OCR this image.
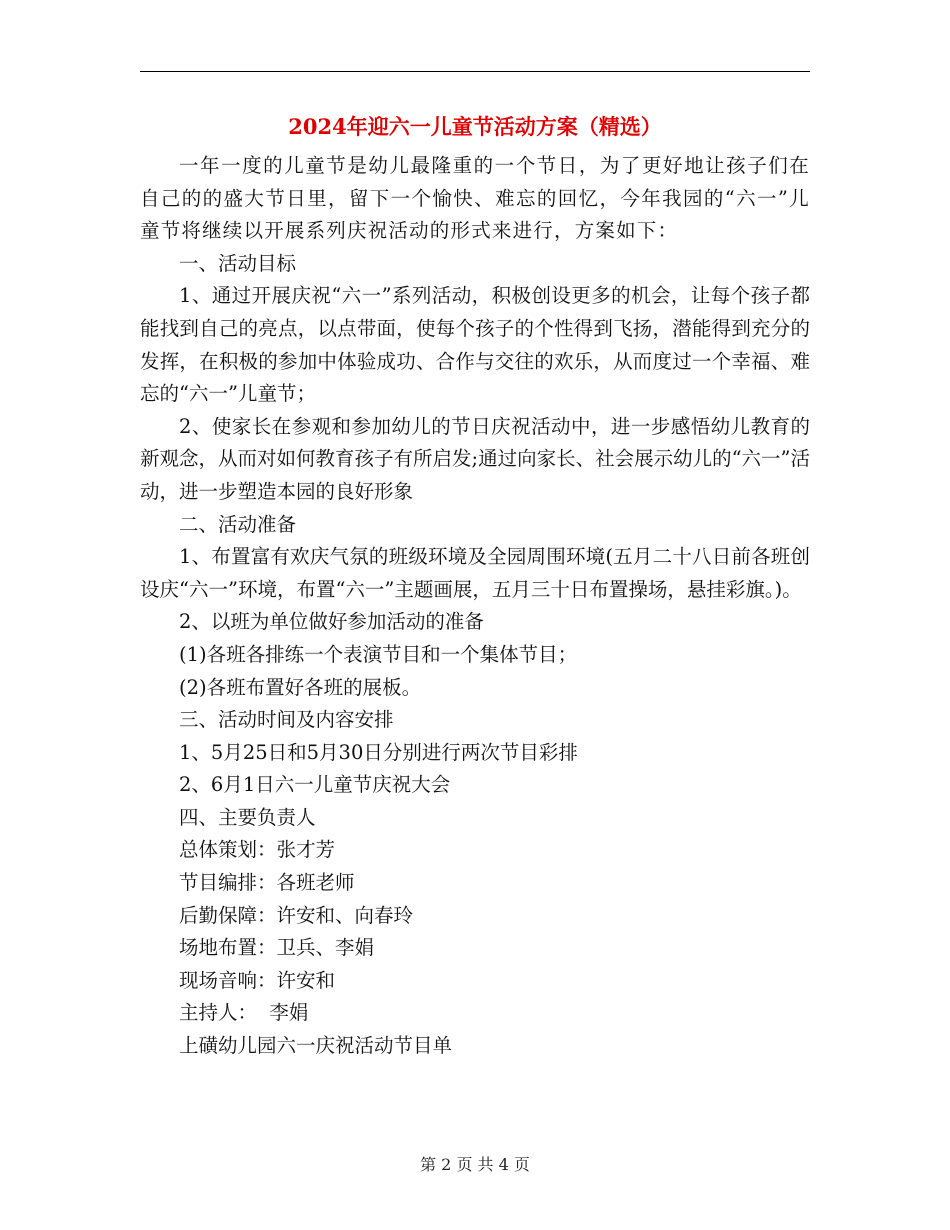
2024年迎六一儿童节活动方案（精选）

一年一度的儿童节是幼儿最隆重的一个节日，为了更好地让孩子们在自己的的盛大节日里，留下一个愉快、难忘的回忆，今年我园的“六一”儿童节将继续以开展系列庆祝活动的形式来进行，方案如下：

一、活动目标

1、通过开展庆祝“六一”系列活动，积极创设更多的机会，让每个孩子都能找到自己的亮点，以点带面，使每个孩子的个性得到飞扬，潜能得到充分的发挥，在积极的参加中体验成功、合作与交往的欢乐，从而度过一个幸福、难忘的“六一”儿童节；

2、使家长在参观和参加幼儿的节日庆祝活动中，进一步感悟幼儿教育的新观念，从而对如何教育孩子有所启发;通过向家长、社会展示幼儿的“六一”活动，进一步塑造本园的良好形象

二、活动准备

1、布置富有欢庆气氛的班级环境及全园周围环境(五月二十八日前各班创设庆“六一”环境，布置“六一”主题画展，五月三十日布置操场，悬挂彩旗。)。

2、以班为单位做好参加活动的准备

(1)各班各排练一个表演节目和一个集体节目；

(2)各班布置好各班的展板。

三、活动时间及内容安排

1、5月25日和5月30日分别进行两次节目彩排

2、6月1日六一儿童节庆祝大会

四、主要负责人

总体策划：张才芳

节目编排：各班老师

后勤保障：许安和、向春玲

场地布置：卫兵、李娟

现场音响：许安和

主持人：  李娟

上磺幼儿园六一庆祝活动节目单

第 2 页 共 4 页
